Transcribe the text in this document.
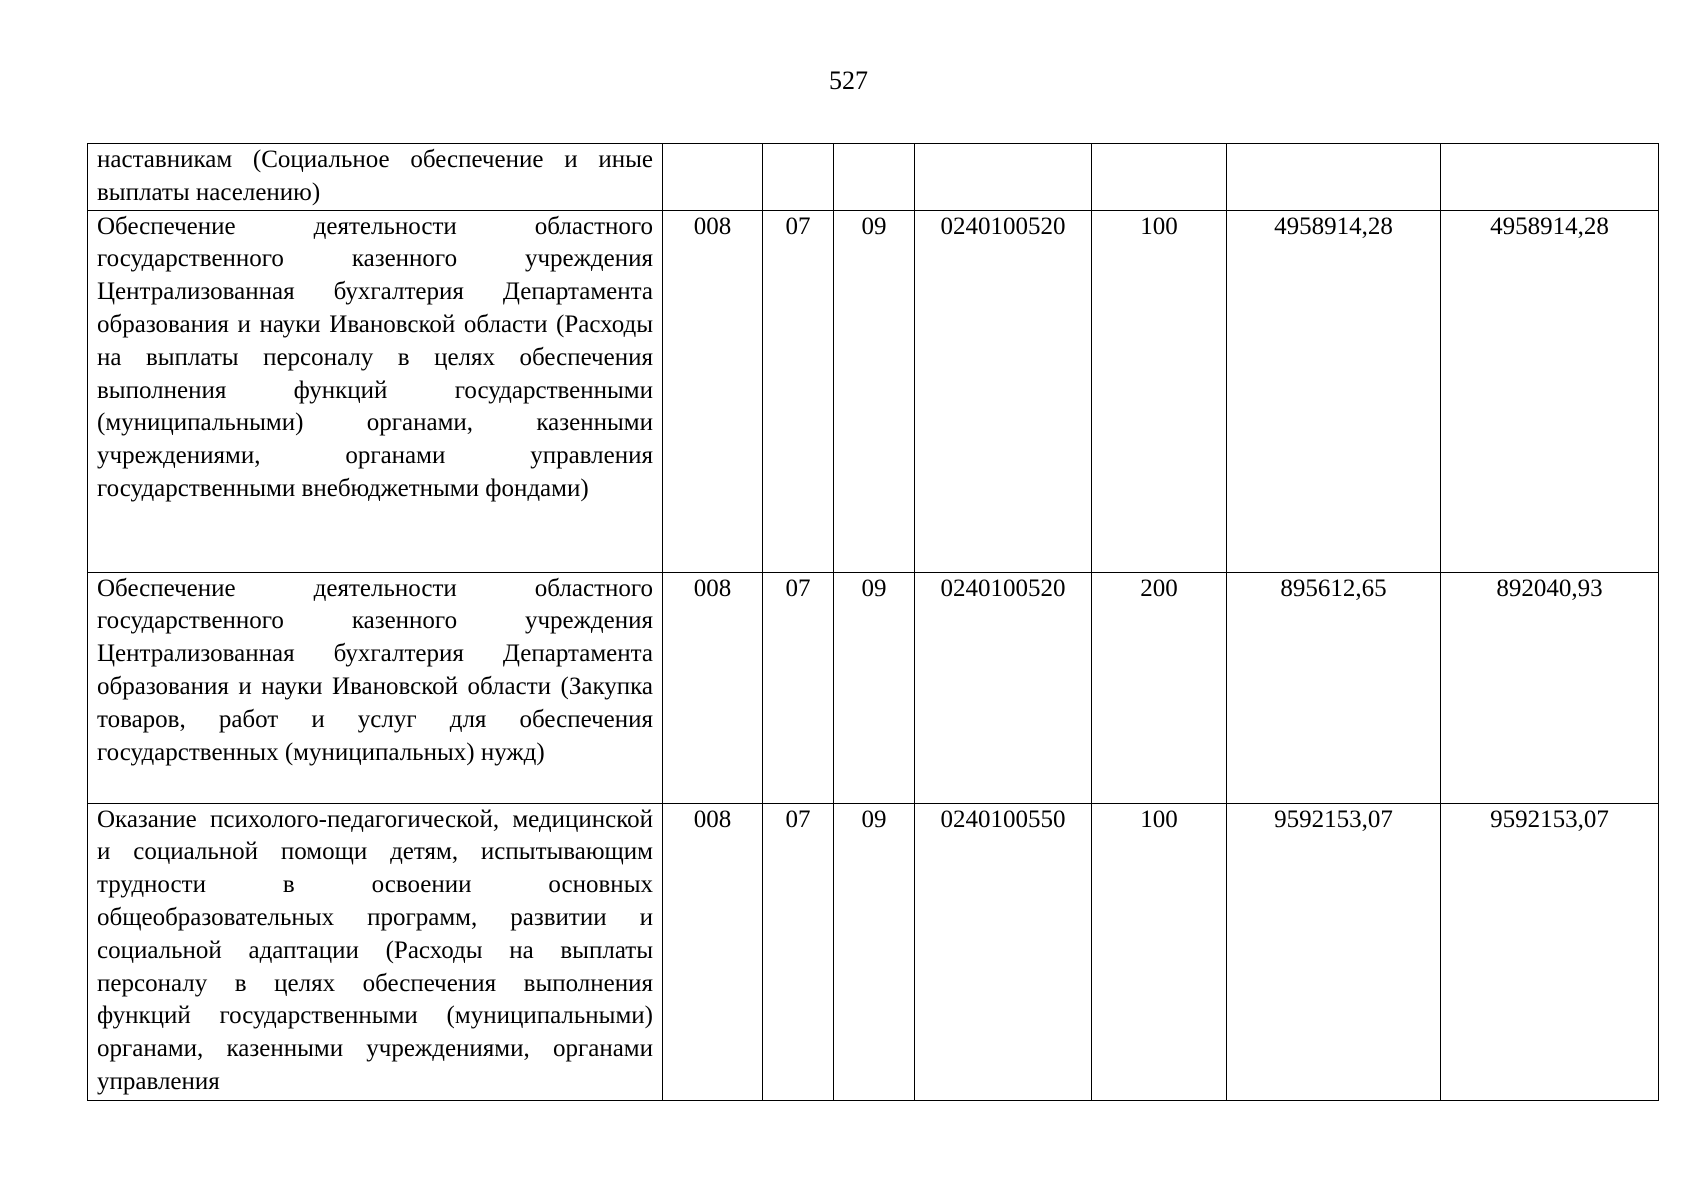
527
наставникам (Социальное обеспечение и иные выплаты населению)							

Обеспечение деятельности областного государственного казенного учреждения Централизованная бухгалтерия Департамента образования и науки Ивановской области (Расходы на выплаты персоналу в целях обеспечения выполнения функций государственными (муниципальными) органами, казенными учреждениями, органами управления государственными внебюджетными фондами)	008	07	09	0240100520	100	4958914,28	4958914,28

Обеспечение деятельности областного государственного казенного учреждения Централизованная бухгалтерия Департамента образования и науки Ивановской области (Закупка товаров, работ и услуг для обеспечения государственных (муниципальных) нужд)	008	07	09	0240100520	200	895612,65	892040,93

Оказание психолого-педагогической, медицинской и социальной помощи детям, испытывающим трудности в освоении основных общеобразовательных программ, развитии и социальной адаптации (Расходы на выплаты персоналу в целях обеспечения выполнения функций государственными (муниципальными) органами, казенными учреждениями, органами управления	008	07	09	0240100550	100	9592153,07	9592153,07
